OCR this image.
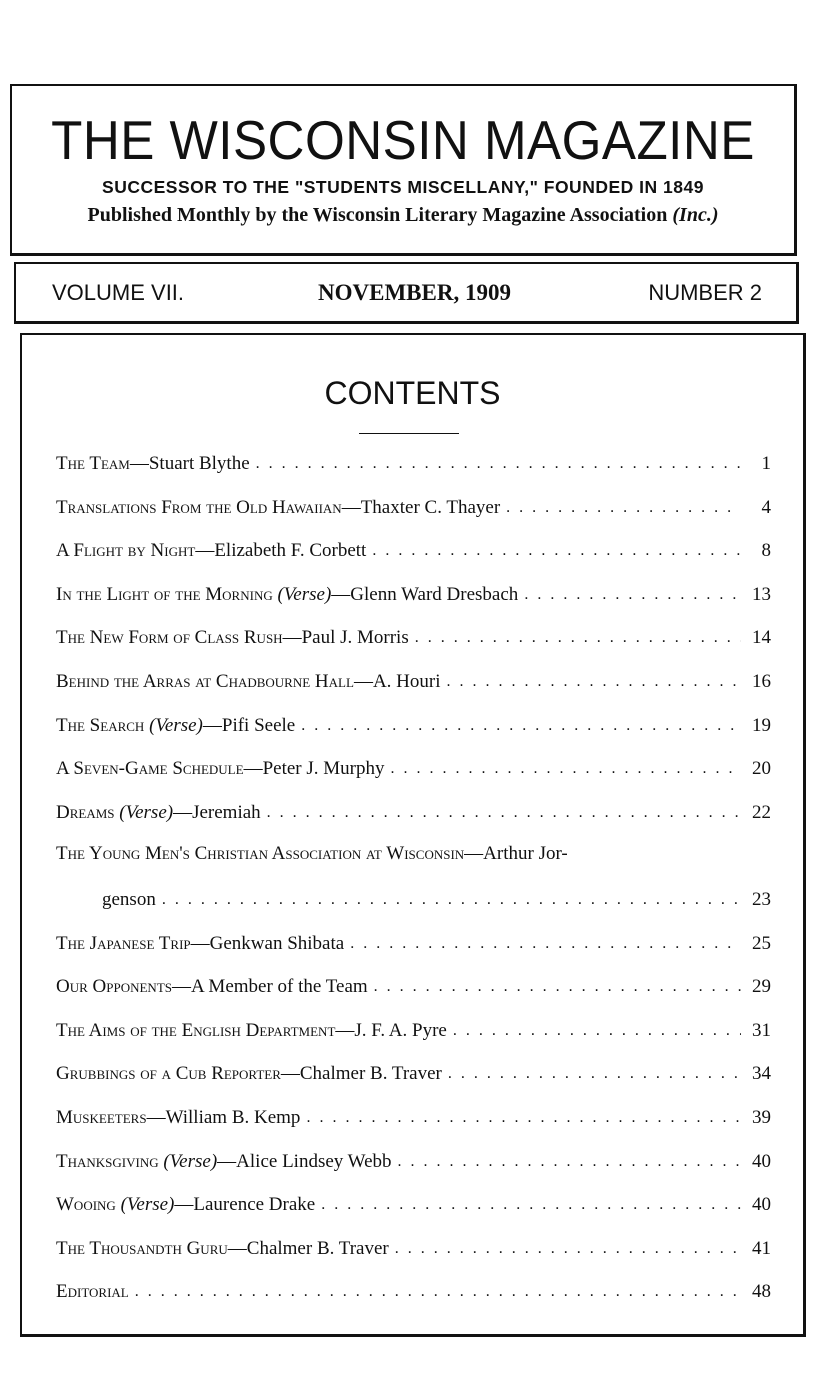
THE WISCONSIN MAGAZINE
SUCCESSOR TO THE "STUDENTS MISCELLANY," FOUNDED IN 1849
Published Monthly by the Wisconsin Literary Magazine Association (Inc.)
VOLUME VII.	NOVEMBER, 1909	NUMBER 2
CONTENTS
The Team — Stuart Blythe . . .	1
Translations From the Old Hawaiian — Thaxter C. Thayer . . .	4
A Flight by Night — Elizabeth F. Corbett . . .	8
In the Light of the Morning
(Verse) — Glenn Ward Dresbach . . .	13
The New Form of Class Rush — Paul J. Morris . . .	14
Behind the Arras at Chadbourne Hall — A. Houri . . .	16
The Search
(Verse) — Pifi Seele . . .	19
A Seven-Game Schedule — Peter J. Murphy . . .	20
Dreams
(Verse) — Jeremiah . . .	22
The Young Men's Christian Association at Wisconsin—Arthur Jor-
genson . . .	23
The Japanese Trip — Genkwan Shibata . . .	25
Our Opponents — A Member of the Team . . .	29
The Aims of the English Department — J. F. A. Pyre . . .	31
Grubbings of a Cub Reporter — Chalmer B. Traver . . .	34
Muskeeters — William B. Kemp . . .	39
Thanksgiving
(Verse) — Alice Lindsey Webb . . .	40
Wooing
(Verse) — Laurence Drake . . .	40
The Thousandth Guru — Chalmer B. Traver . . .	41
Editorial . . .	48
